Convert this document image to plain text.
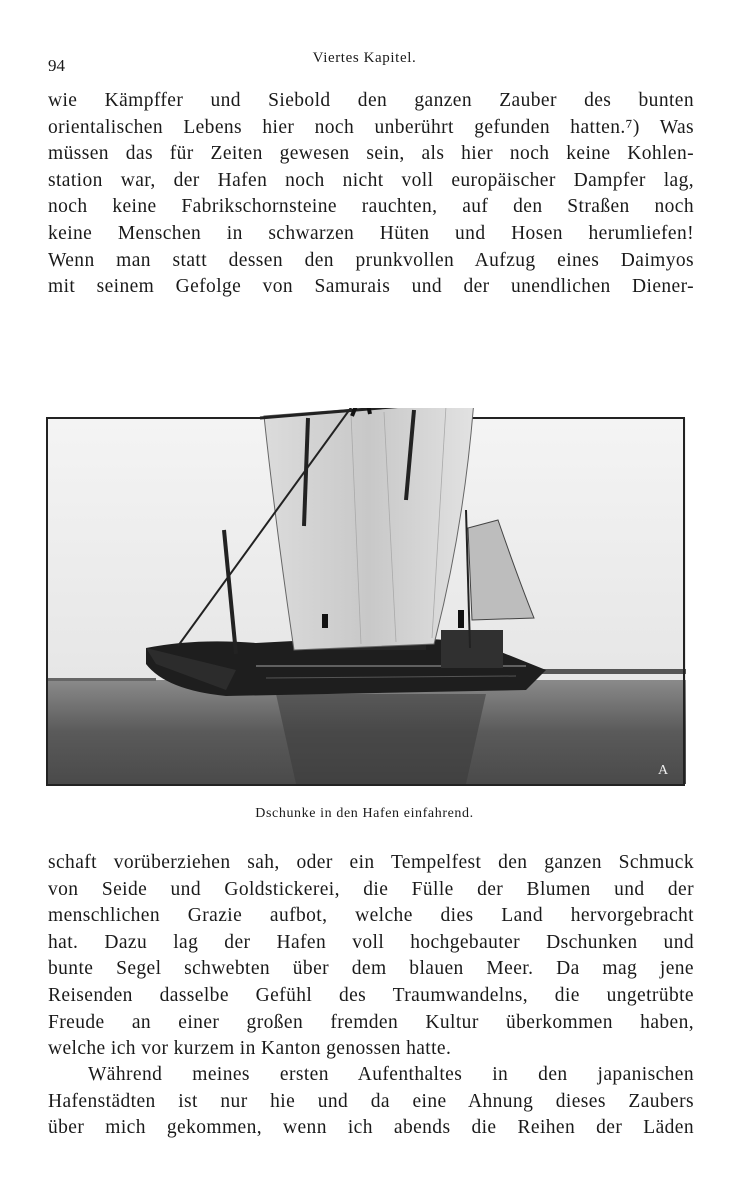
94	Viertes Kapitel.
wie Kämpffer und Siebold den ganzen Zauber des bunten
orientalischen Lebens hier noch unberührt gefunden hatten.⁷) Was
müssen das für Zeiten gewesen sein, als hier noch keine Kohlen-
station war, der Hafen noch nicht voll europäischer Dampfer lag,
noch keine Fabrikschornsteine rauchten, auf den Straßen noch
keine Menschen in schwarzen Hüten und Hosen herumliefen!
Wenn man statt dessen den prunkvollen Aufzug eines Daimyos
mit seinem Gefolge von Samurais und der unendlichen Diener-
A
Dschunke in den Hafen einfahrend.
schaft vorüberziehen sah, oder ein Tempelfest den ganzen Schmuck
von Seide und Goldstickerei, die Fülle der Blumen und der
menschlichen Grazie aufbot, welche dies Land hervorgebracht
hat. Dazu lag der Hafen voll hochgebauter Dschunken und
bunte Segel schwebten über dem blauen Meer. Da mag jene
Reisenden dasselbe Gefühl des Traumwandelns, die ungetrübte
Freude an einer großen fremden Kultur überkommen haben,
welche ich vor kurzem in Kanton genossen hatte.
Während meines ersten Aufenthaltes in den japanischen
Hafenstädten ist nur hie und da eine Ahnung dieses Zaubers
über mich gekommen, wenn ich abends die Reihen der Läden
